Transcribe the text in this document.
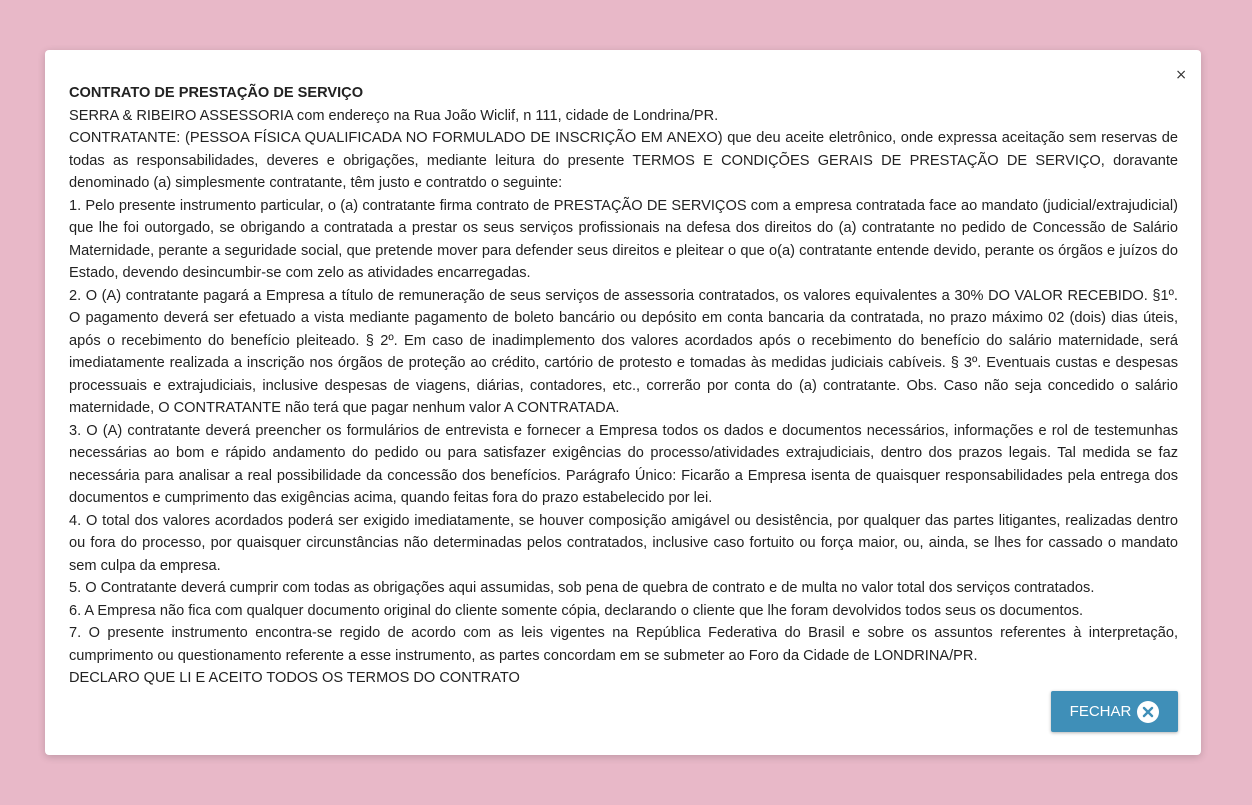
×

CONTRATO DE PRESTAÇÃO DE SERVIÇO

SERRA & RIBEIRO ASSESSORIA com endereço na Rua João Wiclif, n 111, cidade de Londrina/PR.

CONTRATANTE: (PESSOA FÍSICA QUALIFICADA NO FORMULADO DE INSCRIÇÃO EM ANEXO) que deu aceite eletrônico, onde expressa aceitação sem reservas de todas as responsabilidades, deveres e obrigações, mediante leitura do presente TERMOS E CONDIÇÕES GERAIS DE PRESTAÇÃO DE SERVIÇO, doravante denominado (a) simplesmente contratante, têm justo e contratdo o seguinte:

1. Pelo presente instrumento particular, o (a) contratante firma contrato de PRESTAÇÃO DE SERVIÇOS com a empresa contratada face ao mandato (judicial/extrajudicial) que lhe foi outorgado, se obrigando a contratada a prestar os seus serviços profissionais na defesa dos direitos do (a) contratante no pedido de Concessão de Salário Maternidade, perante a seguridade social, que pretende mover para defender seus direitos e pleitear o que o(a) contratante entende devido, perante os órgãos e juízos do Estado, devendo desincumbir-se com zelo as atividades encarregadas.

2. O (A) contratante pagará a Empresa a título de remuneração de seus serviços de assessoria contratados, os valores equivalentes a 30% DO VALOR RECEBIDO. §1º. O pagamento deverá ser efetuado a vista mediante pagamento de boleto bancário ou depósito em conta bancaria da contratada, no prazo máximo 02 (dois) dias úteis, após o recebimento do benefício pleiteado. § 2º. Em caso de inadimplemento dos valores acordados após o recebimento do benefício do salário maternidade, será imediatamente realizada a inscrição nos órgãos de proteção ao crédito, cartório de protesto e tomadas às medidas judiciais cabíveis. § 3º. Eventuais custas e despesas processuais e extrajudiciais, inclusive despesas de viagens, diárias, contadores, etc., correrão por conta do (a) contratante. Obs. Caso não seja concedido o salário maternidade, O CONTRATANTE não terá que pagar nenhum valor A CONTRATADA.

3. O (A) contratante deverá preencher os formulários de entrevista e fornecer a Empresa todos os dados e documentos necessários, informações e rol de testemunhas necessárias ao bom e rápido andamento do pedido ou para satisfazer exigências do processo/atividades extrajudiciais, dentro dos prazos legais. Tal medida se faz necessária para analisar a real possibilidade da concessão dos benefícios. Parágrafo Único: Ficarão a Empresa isenta de quaisquer responsabilidades pela entrega dos documentos e cumprimento das exigências acima, quando feitas fora do prazo estabelecido por lei.

4. O total dos valores acordados poderá ser exigido imediatamente, se houver composição amigável ou desistência, por qualquer das partes litigantes, realizadas dentro ou fora do processo, por quaisquer circunstâncias não determinadas pelos contratados, inclusive caso fortuito ou força maior, ou, ainda, se lhes for cassado o mandato sem culpa da empresa.

5. O Contratante deverá cumprir com todas as obrigações aqui assumidas, sob pena de quebra de contrato e de multa no valor total dos serviços contratados.

6. A Empresa não fica com qualquer documento original do cliente somente cópia, declarando o cliente que lhe foram devolvidos todos seus os documentos.

7. O presente instrumento encontra-se regido de acordo com as leis vigentes na República Federativa do Brasil e sobre os assuntos referentes à interpretação, cumprimento ou questionamento referente a esse instrumento, as partes concordam em se submeter ao Foro da Cidade de LONDRINA/PR.

DECLARO QUE LI E ACEITO TODOS OS TERMOS DO CONTRATO

FECHAR
